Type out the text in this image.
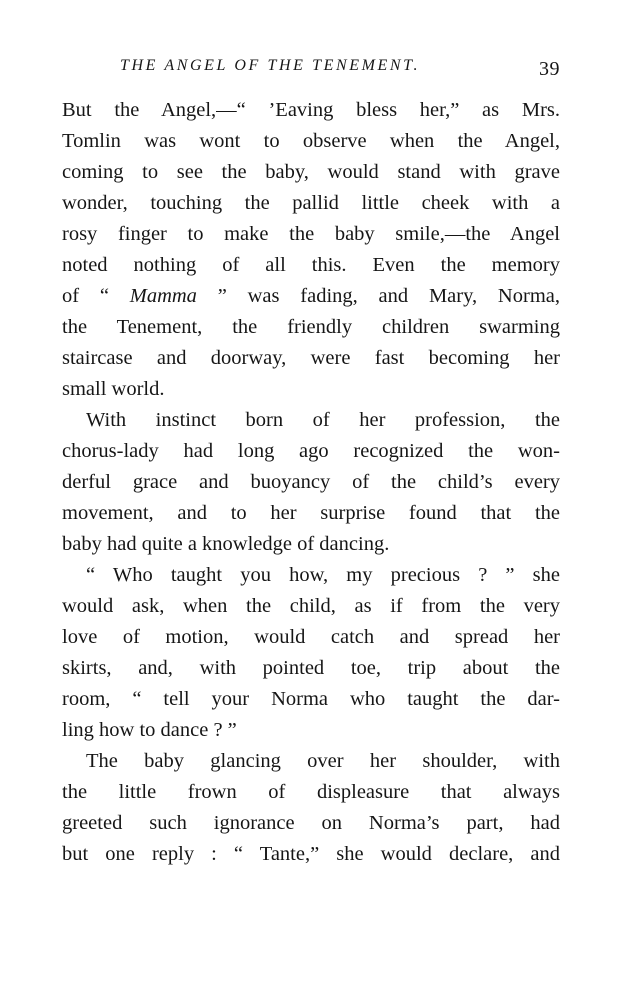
THE ANGEL OF THE TENEMENT.	39
But the Angel,—“ ’Eaving bless her,” as Mrs.
Tomlin was wont to observe when the Angel,
coming to see the baby, would stand with grave
wonder, touching the pallid little cheek with a
rosy finger to make the baby smile,—the Angel
noted nothing of all this. Even the memory
of “ Mamma ” was fading, and Mary, Norma,
the Tenement, the friendly children swarming
staircase and doorway, were fast becoming her
small world.
With instinct born of her profession, the
chorus-lady had long ago recognized the won-
derful grace and buoyancy of the child’s every
movement, and to her surprise found that the
baby had quite a knowledge of dancing.
“ Who taught you how, my precious ? ” she
would ask, when the child, as if from the very
love of motion, would catch and spread her
skirts, and, with pointed toe, trip about the
room, “ tell your Norma who taught the dar-
ling how to dance ? ”
The baby glancing over her shoulder, with
the little frown of displeasure that always
greeted such ignorance on Norma’s part, had
but one reply : “ Tante,” she would declare, and
